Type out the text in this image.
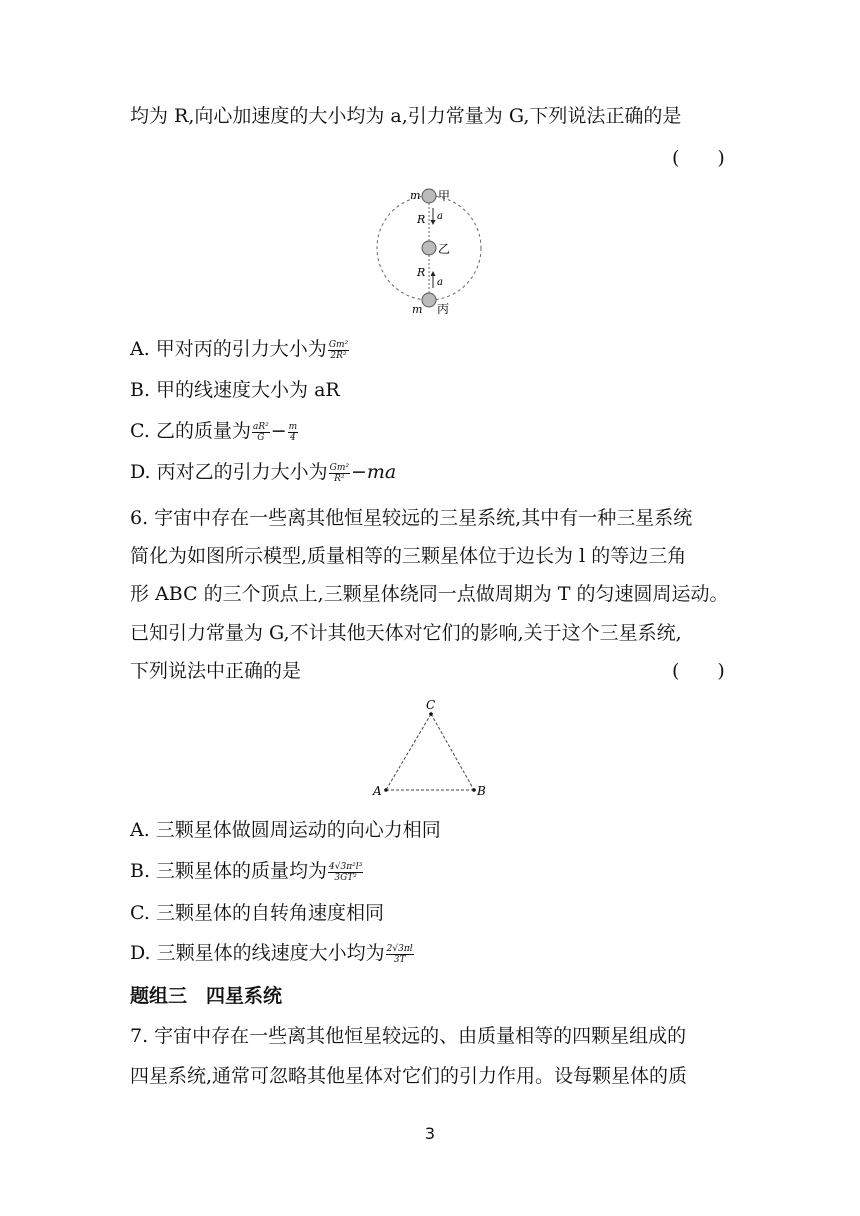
均为 R,向心加速度的大小均为 a,引力常量为 G,下列说法正确的是
(　　)
m 甲
R a
乙
R
a
m 丙
A. 甲对丙的引力大小为 $\frac{\text{Gm²}}{\text{2R²}}$
B. 甲的线速度大小为 aR
C. 乙的质量为 $\frac{\text{aR²}}{G} - \frac{m}{4}$
D. 丙对乙的引力大小为 $\frac{\text{Gm²}}{\text{R²}} -ma$
6. 宇宙中存在一些离其他恒星较远的三星系统,其中有一种三星系统
简化为如图所示模型,质量相等的三颗星体位于边长为 l 的等边三角
形 ABC 的三个顶点上,三颗星体绕同一点做周期为 T 的匀速圆周运动。
已知引力常量为 G,不计其他天体对它们的影响,关于这个三星系统,
下列说法中正确的是	(　　)
C
A	B
A. 三颗星体做圆周运动的向心力相同
B. 三颗星体的质量均为 $\frac{\text{4√3π²l³}}{\text{3GT²}}$
C. 三颗星体的自转角速度相同
D. 三颗星体的线速度大小均为 $\frac{2√3\pi l}{3T}$
题组三　四星系统
7. 宇宙中存在一些离其他恒星较远的、由质量相等的四颗星组成的
四星系统,通常可忽略其他星体对它们的引力作用。设每颗星体的质
3
